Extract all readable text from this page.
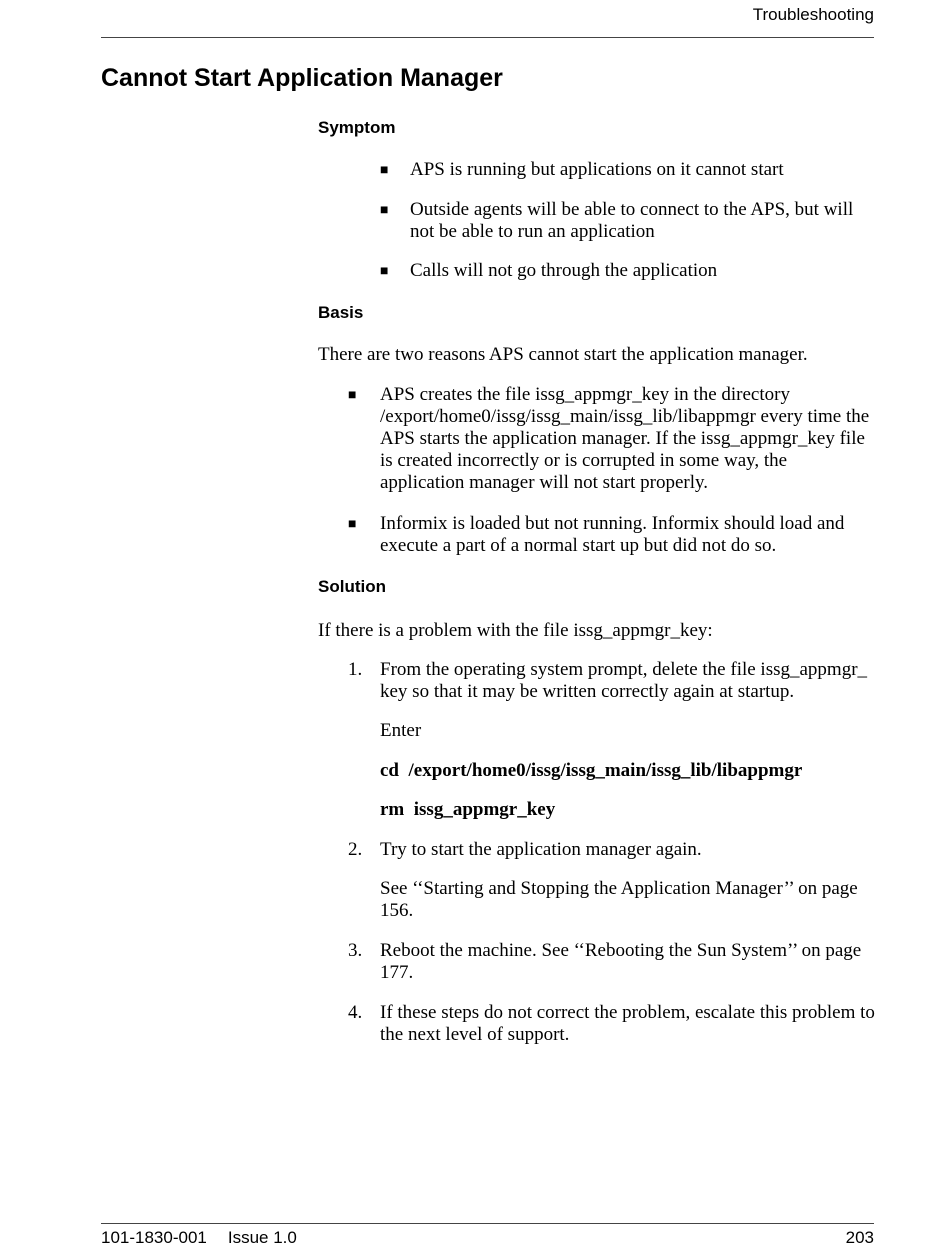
Troubleshooting
Cannot Start Application Manager
Symptom
■ APS is running but applications on it cannot start
■ Outside agents will be able to connect to the APS, but will not be able to run an application
■ Calls will not go through the application
Basis
There are two reasons APS cannot start the application manager.
■ APS creates the file issg_appmgr_key in the directory /export/home0/issg/issg_main/issg_lib/libappmgr every time the APS starts the application manager. If the issg_appmgr_key file is created incorrectly or is corrupted in some way, the application manager will not start properly.
■ Informix is loaded but not running. Informix should load and execute a part of a normal start up but did not do so.
Solution
If there is a problem with the file issg_appmgr_key:
1. From the operating system prompt, delete the file issg_appmgr_ key so that it may be written correctly again at startup.
Enter
cd  /export/home0/issg/issg_main/issg_lib/libappmgr
rm  issg_appmgr_key
2. Try to start the application manager again.
See ‘‘Starting and Stopping the Application Manager’’ on page 156.
3. Reboot the machine. See ‘‘Rebooting the Sun System’’ on page 177.
4. If these steps do not correct the problem, escalate this problem to the next level of support.
101-1830-001 Issue 1.0	203
